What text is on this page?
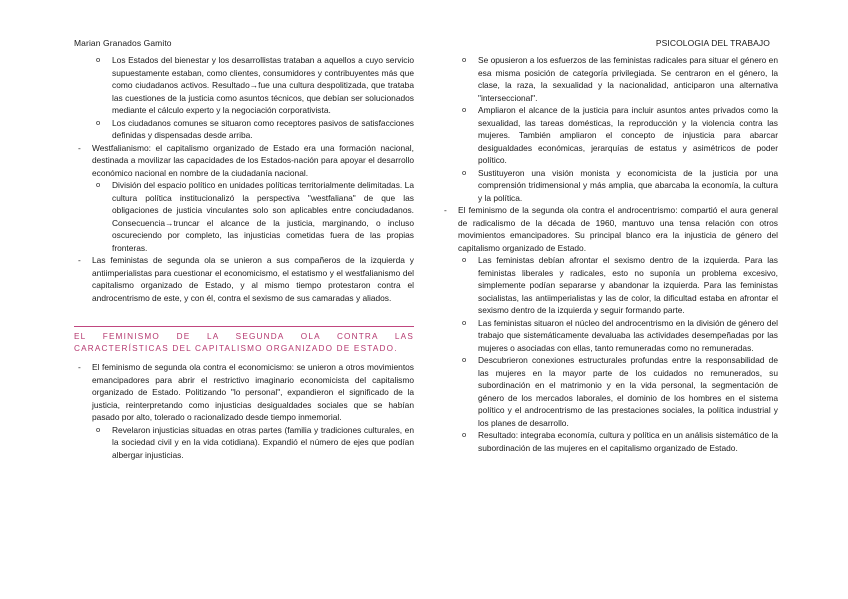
Marian Granados Gamito	PSICOLOGIA DEL TRABAJO
o Los Estados del bienestar y los desarrollistas trataban a aquellos a cuyo servicio supuestamente estaban, como clientes, consumidores y contribuyentes más que como ciudadanos activos. Resultado→fue una cultura despolitizada, que trataba las cuestiones de la justicia como asuntos técnicos, que debían ser solucionados mediante el cálculo experto y la negociación corporativista.
o Los ciudadanos comunes se situaron como receptores pasivos de satisfacciones definidas y dispensadas desde arriba.
- Westfalianismo: el capitalismo organizado de Estado era una formación nacional, destinada a movilizar las capacidades de los Estados-nación para apoyar el desarrollo económico nacional en nombre de la ciudadanía nacional.
o División del espacio político en unidades políticas territorialmente delimitadas. La cultura política institucionalizó la perspectiva "westfaliana" de que las obligaciones de justicia vinculantes solo son aplicables entre conciudadanos. Consecuencia→truncar el alcance de la justicia, marginando, o incluso oscureciendo por completo, las injusticias cometidas fuera de las propias fronteras.
- Las feministas de segunda ola se unieron a sus compañeros de la izquierda y antiimperialistas para cuestionar el economicismo, el estatismo y el westfalianismo del capitalismo organizado de Estado, y al mismo tiempo protestaron contra el androcentrismo de este, y con él, contra el sexismo de sus camaradas y aliados.
EL FEMINISMO DE LA SEGUNDA OLA CONTRA LAS CARACTERÍSTICAS DEL CAPITALISMO ORGANIZADO DE ESTADO.
- El feminismo de segunda ola contra el economicismo: se unieron a otros movimientos emancipadores para abrir el restrictivo imaginario economicista del capitalismo organizado de Estado. Politizando "lo personal", expandieron el significado de la justicia, reinterpretando como injusticias desigualdades sociales que se habían pasado por alto, tolerado o racionalizado desde tiempo inmemorial.
o Revelaron injusticias situadas en otras partes (familia y tradiciones culturales, en la sociedad civil y en la vida cotidiana). Expandió el número de ejes que podían albergar injusticias.
o Se opusieron a los esfuerzos de las feministas radicales para situar el género en esa misma posición de categoría privilegiada. Se centraron en el género, la clase, la raza, la sexualidad y la nacionalidad, anticiparon una alternativa "interseccional".
o Ampliaron el alcance de la justicia para incluir asuntos antes privados como la sexualidad, las tareas domésticas, la reproducción y la violencia contra las mujeres. También ampliaron el concepto de injusticia para abarcar desigualdades económicas, jerarquías de estatus y asimétricos de poder político.
o Sustituyeron una visión monista y economicista de la justicia por una comprensión tridimensional y más amplia, que abarcaba la economía, la cultura y la política.
- El feminismo de la segunda ola contra el androcentrismo: compartió el aura general de radicalismo de la década de 1960, mantuvo una tensa relación con otros movimientos emancipadores. Su principal blanco era la injusticia de género del capitalismo organizado de Estado.
o Las feministas debían afrontar el sexismo dentro de la izquierda. Para las feministas liberales y radicales, esto no suponía un problema excesivo, simplemente podían separarse y abandonar la izquierda. Para las feministas socialistas, las antiimperialistas y las de color, la dificultad estaba en afrontar el sexismo dentro de la izquierda y seguir formando parte.
o Las feministas situaron el núcleo del androcentrismo en la división de género del trabajo que sistemáticamente devaluaba las actividades desempeñadas por las mujeres o asociadas con ellas, tanto remuneradas como no remuneradas.
o Descubrieron conexiones estructurales profundas entre la responsabilidad de las mujeres en la mayor parte de los cuidados no remunerados, su subordinación en el matrimonio y en la vida personal, la segmentación de género de los mercados laborales, el dominio de los hombres en el sistema político y el androcentrismo de las prestaciones sociales, la política industrial y los planes de desarrollo.
o Resultado: integraba economía, cultura y política en un análisis sistemático de la subordinación de las mujeres en el capitalismo organizado de Estado.
